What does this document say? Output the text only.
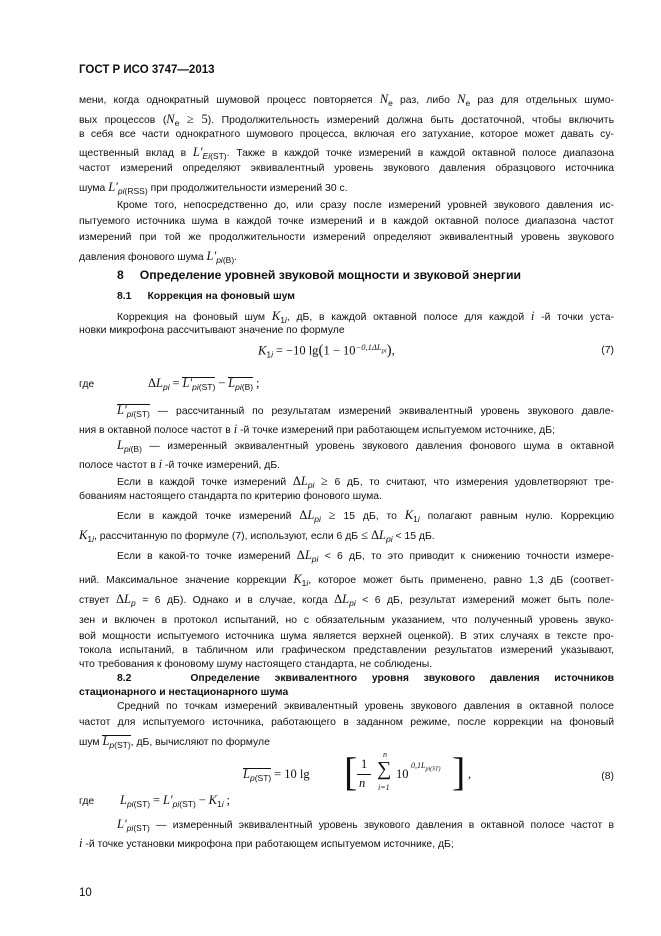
ГОСТ Р ИСО 3747—2013
мени, когда однократный шумовой процесс повторяется $N_e$ раз, либо $N_e$ раз для отдельных шумо-
вых процессов $(N_e \ge 5)$. Продолжительность измерений должна быть достаточной, чтобы включить
в себя все части однократного шумового процесса, включая его затухание, которое может давать су-
щественный вклад в $L'_{Ei(ST)}$. Также в каждой точке измерений в каждой октавной полосе диапазона
частот измерений определяют эквивалентный уровень звукового давления образцового источника
шума $L'_{pi(RSS)}$ при продолжительности измерений 30 с.
Кроме того, непосредственно до, или сразу после измерений уровней звукового давления ис-
пытуемого источника шума в каждой точке измерений и в каждой октавной полосе диапазона частот
измерений при той же продолжительности измерений определяют эквивалентный уровень звукового
давления фонового шума $L'_{pi(B)}$.
8 Определение уровней звуковой мощности и звуковой энергии
8.1 Коррекция на фоновый шум
Коррекция на фоновый шум $K_{1i}$, дБ, в каждой октавной полосе для каждой i -й точки уста-
новки микрофона рассчитывают значение по формуле
$K_{1i} = -10$ $\lg(1 - 10^{-0,1\Delta L_{pi}})$,	(7)
где	$\Delta L_{pi} = L'_{pi(ST)} - L_{pi(B)}$ ;
$L'_{pi(ST)}$ — рассчитанный по результатам измерений эквивалентный уровень звукового давле-
ния в октавной полосе частот в i -й точке измерений при работающем испытуемом источнике, дБ;
$L_{pi(B)}$ — измеренный эквивалентный уровень звукового давления фонового шума в октавной
полосе частот в i -й точке измерений, дБ.
Если в каждой точке измерений $\Delta L_{pi} \ge 6$ дБ, то считают, что измерения удовлетворяют тре-
бованиям настоящего стандарта по критерию фонового шума.
Если в каждой точке измерений $\Delta L_{pi} \ge 15$ дБ, то $K_{1i}$ полагают равным нулю. Коррекцию
$K_{1i}$, рассчитанную по формуле (7), используют, если 6 дБ ≤ $\Delta L_{pi} < 15$ дБ.
Если в какой-то точке измерений $\Delta L_{pi} < 6$ дБ, то это приводит к снижению точности измере-
ний. Максимальное значение коррекции $K_{1i}$, которое может быть применено, равно 1,3 дБ (соответ-
ствует $\Delta L_p = 6$ дБ). Однако и в случае, когда $\Delta L_{pi} < 6$ дБ, результат измерений может быть поле-
зен и включен в протокол испытаний, но с обязательным указанием, что полученный уровень звуко-
вой мощности испытуемого источника шума является верхней оценкой). В этих случаях в тексте про-
токола испытаний, в табличном или графическом представлении результатов измерений указывают,
что требования к фоновому шуму настоящего стандарта, не соблюдены.
8.2	Определение эквивалентного уровня звукового давления источников
стационарного и нестационарного шума
Средний по точкам измерений эквивалентный уровень звукового давления в октавной полосе
частот для испытуемого источника, работающего в заданном режиме, после коррекции на фоновый
шум $L_{p(ST)}$, дБ, вычисляют по формуле
$L_{p(ST)} = 10$ lg [ 1
n
n
∑
i=1
10
$0,1L_{pi(ST)}$ ] ,	(8)
где $L_{pi(ST)} = L'_{pi(ST)} - K_{1i}$ ;
$L'_{pi(ST)}$ — измеренный эквивалентный уровень звукового давления в октавной полосе частот в
i -й точке установки микрофона при работающем испытуемом источнике, дБ;
10
